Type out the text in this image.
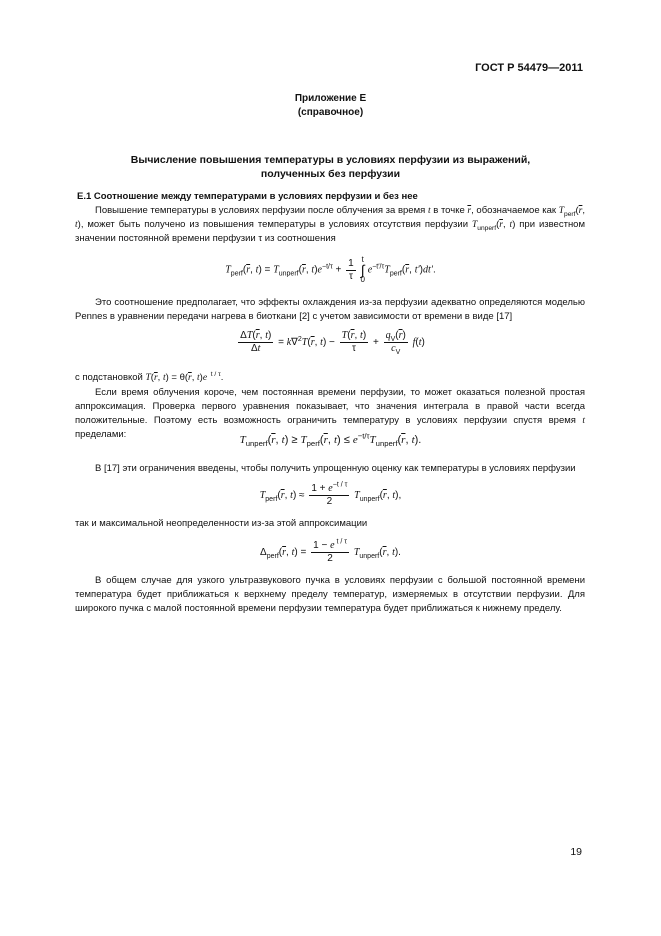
ГОСТ Р 54479—2011
Приложение Е
(справочное)
Вычисление повышения температуры в условиях перфузии из выражений,
полученных без перфузии
Е.1 Соотношение между температурами в условиях перфузии и без нее

Повышение температуры в условиях перфузии после облучения за время t в точке $\overline{r}$, обозначаемое как $T_{perf}(\overline{r}$, t), может быть получено из повышения температуры в условиях отсутствия перфузии $T_{unperf}(\overline{r}$, t) при известном значении постоянной времени перфузии τ из соотношения

$T_{perf}(\overline{r}$, $t) = T_{unperf}(\overline{r}$, $t)e^{-t/\tau} + \frac{1}{\tau}$ t
∫
0 $e^{-t'/\tau}T_{perf}(\overline{r}$, t′)dt′.

Это соотношение предполагает, что эффекты охлаждения из-за перфузии адекватно определяются моделью Pennes в уравнении передачи нагрева в биоткани [2] с учетом зависимости от времени в виде [17]

$\frac{\Delta T(\overline{r}, t)}{\Delta t} = k\nabla^2T(\overline{r}$, $t) - \frac{T(\overline{r}, t)}{\tau} + \frac{q_V(\overline{r})}{c_V} f(t)$

с подстановкой $T(\overline{r}$, $t) = \theta(\overline{r}$, t)e  $^{t / \tau}$.

Если время облучения короче, чем постоянная времени перфузии, то может оказаться полезной простая аппроксимация. Проверка первого уравнения показывает, что значения интеграла в правой части всегда положительные. Поэтому есть возможность ограничить температуру в условиях перфузии спустя время t пределами:	$T_{unperf}(\overline{r}$, $t) \ge T_{perf}(\overline{r}$, $t) \le e^{-t/\tau}T_{unperf}(\overline{r}$, t).

В [17] эти ограничения введены, чтобы получить упрощенную оценку как температуры в условиях перфузии

$T_{perf}(\overline{r}$, $t) \approx \frac{1 + e^{-t / \tau}}{2} T_{unperf}(\overline{r}$, t),

так и максимальной неопределенности из-за этой аппроксимации

$\Delta_{perf}(\overline{r}$, $t) = \frac{1 - e ^{t / \tau}}{2} T_{unperf}(\overline{r}$, t).

В общем случае для узкого ультразвукового пучка в условиях перфузии с большой постоянной времени температура будет приближаться к верхнему пределу температур, измеряемых в отсутствии перфузии. Для широкого пучка с малой постоянной времени перфузии температура будет приближаться к нижнему пределу.

19
